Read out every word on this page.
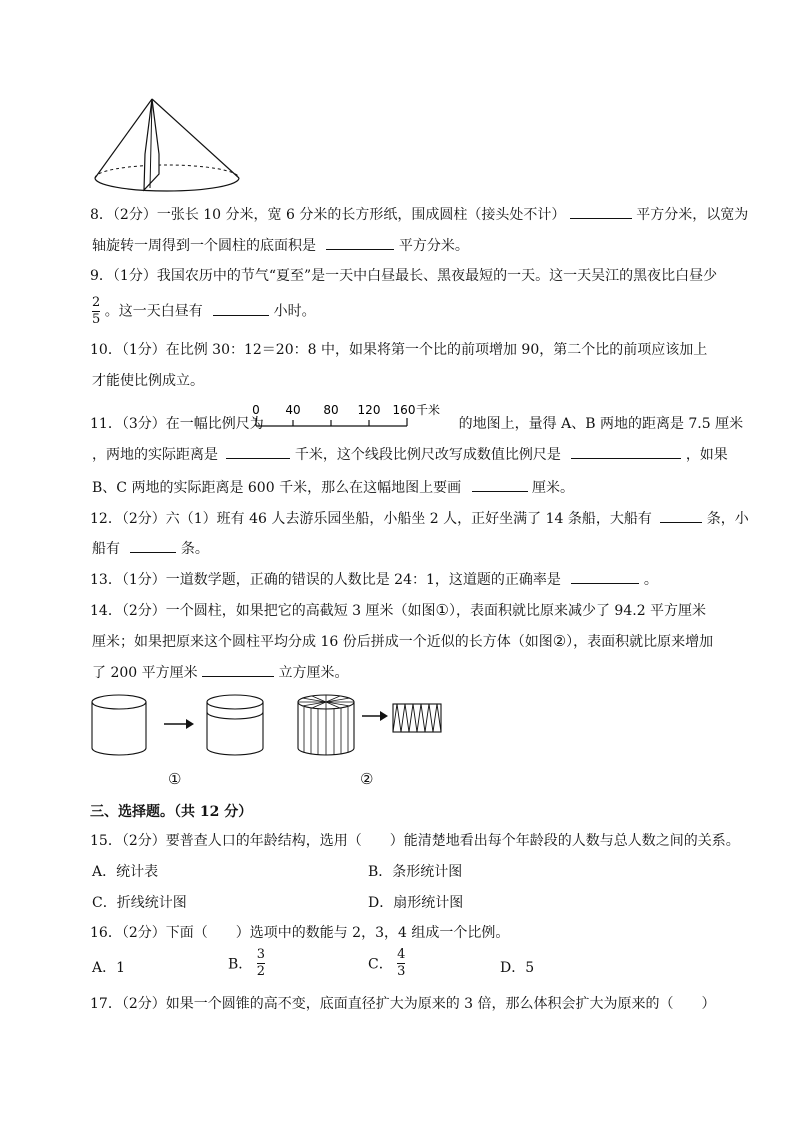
8．（2分）一张长 10 分米，宽 6 分米的长方形纸，围成圆柱（接头处不计）	平方分米，以宽为
轴旋转一周得到一个圆柱的底面积是	平方分米。
9．（1分）我国农历中的节气“夏至”是一天中白昼最长、黑夜最短的一天。这一天吴江的黑夜比白昼少
$\frac{2}{5}$ 。这一天白昼有	小时。
10．（1分）在比例 30：12＝20：8 中，如果将第一个比的前项增加 90，第二个比的前项应该加上
才能使比例成立。
11．（3分）在一幅比例尺为	的地图上，量得 A、B 两地的距离是 7.5 厘米
0 40 80 120 160 千米
，两地的实际距离是	千米，这个线段比例尺改写成数值比例尺是	，如果
B、C 两地的实际距离是 600 千米，那么在这幅地图上要画	厘米。
12．（2分）六（1）班有 46 人去游乐园坐船，小船坐 2 人，正好坐满了 14 条船，大船有	条，小
船有	条。
13．（1分）一道数学题，正确的错误的人数比是 24：1，这道题的正确率是	。
14．（2分）一个圆柱，如果把它的高截短 3 厘米（如图①），表面积就比原来减少了 94.2 平方厘米
厘米；如果把原来这个圆柱平均分成 16 份后拼成一个近似的长方体（如图②），表面积就比原来增加
了 200 平方厘米	立方厘米。
①	②
三、选择题。（共 12 分）
15．（2分）要普查人口的年龄结构，选用（　　）能清楚地看出每个年龄段的人数与总人数之间的关系。
A．统计表	B．条形统计图
C．折线统计图	D．扇形统计图
16．（2分）下面（　　）选项中的数能与 2，3，4 组成一个比例。
A．1	B． $\frac{3}{2}$	C． $\frac{4}{3}$	D．5
17．（2分）如果一个圆锥的高不变，底面直径扩大为原来的 3 倍，那么体积会扩大为原来的（　　）
